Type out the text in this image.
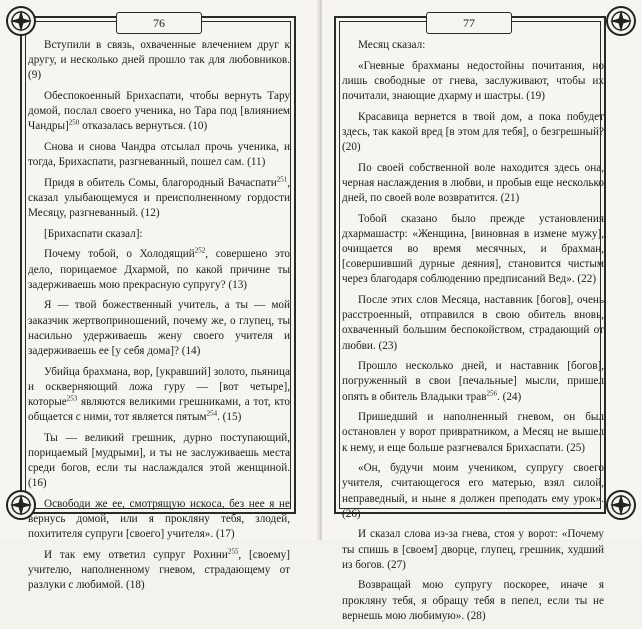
76

Вступили в связь, охваченные влечением друг к другу, и несколько дней прошло так для любовников. (9)

Обеспокоенный Брихаспати, чтобы вернуть Тару домой, послал своего ученика, но Тара под [влиянием Чандры]$^{250}$ отказалась вернуться. (10)

Снова и снова Чандра отсылал прочь ученика, и тогда, Брихаспати, разгневанный, пошел сам. (11)

Придя в обитель Сомы, благородный Вачаспати$^{251}$, сказал улыбающемуся и преисполненному гордости Месяцу, разгневанный. (12)

[Брихаспати сказал]:

Почему тобой, о Холодящий$^{252}$, совершено это дело, порицаемое Дхармой, по какой причине ты задерживаешь мою прекрасную супругу? (13)

Я — твой божественный учитель, а ты — мой заказчик жертвоприношений, почему же, о глупец, ты насильно удерживаешь жену своего учителя и задерживаешь ее [у себя дома]? (14)

Убийца брахмана, вор, [укравший] золото, пьяница и оскверняющий ложа гуру — [вот четыре], которые$^{253}$ являются великими грешниками, а тот, кто общается с ними, тот является пятым$^{254}$. (15)

Ты — великий грешник, дурно поступающий, порицаемый [мудрыми], и ты не заслуживаешь места среди богов, если ты наслаждался этой женщиной. (16)

Освободи же ее, смотрящую искоса, без нее я не вернусь домой, или я прокляну тебя, злодей, похитителя супруги [своего] учителя». (17)

И так ему ответил супруг Рохини$^{255}$, [своему] учителю, наполненному гневом, страдающему от разлуки с любимой. (18)

77

Месяц сказал:

«Гневные брахманы недостойны почитания, но лишь свободные от гнева, заслуживают, чтобы их почитали, знающие дхарму и шастры. (19)

Красавица вернется в твой дом, а пока побудет здесь, так какой вред [в этом для тебя], о безгрешный? (20)

По своей собственной воле находится здесь она, черная наслаждения в любви, и пробыв еще несколько дней, по своей воле возвратится. (21)

Тобой сказано было прежде установления дхармашастр: «Женщина, [виновная в измене мужу], очищается во время месячных, и брахман, [совершивший дурные деяния], становится чистым через благодаря соблюдению предписаний Вед». (22)

После этих слов Месяца, наставник [богов], очень расстроенный, отправился в свою обитель вновь, охваченный большим беспокойством, страдающий от любви. (23)

Прошло несколько дней, и наставник [богов], погруженный в свои [печальные] мысли, пришел опять в обитель Владыки трав$^{256}$. (24)

Пришедший и наполненный гневом, он был остановлен у ворот привратником, а Месяц не вышел к нему, и еще больше разгневался Брихаспати. (25)

«Он, будучи моим учеником, супругу своего учителя, считающегося его матерью, взял силой, неправедный, и ныне я должен преподать ему урок». (26)

И сказал слова из-за гнева, стоя у ворот: «Почему ты спишь в [своем] дворце, глупец, грешник, худший из богов. (27)

Возвращай мою супругу поскорее, иначе я прокляну тебя, я обращу тебя в пепел, если ты не вернешь мою любимую». (28)
